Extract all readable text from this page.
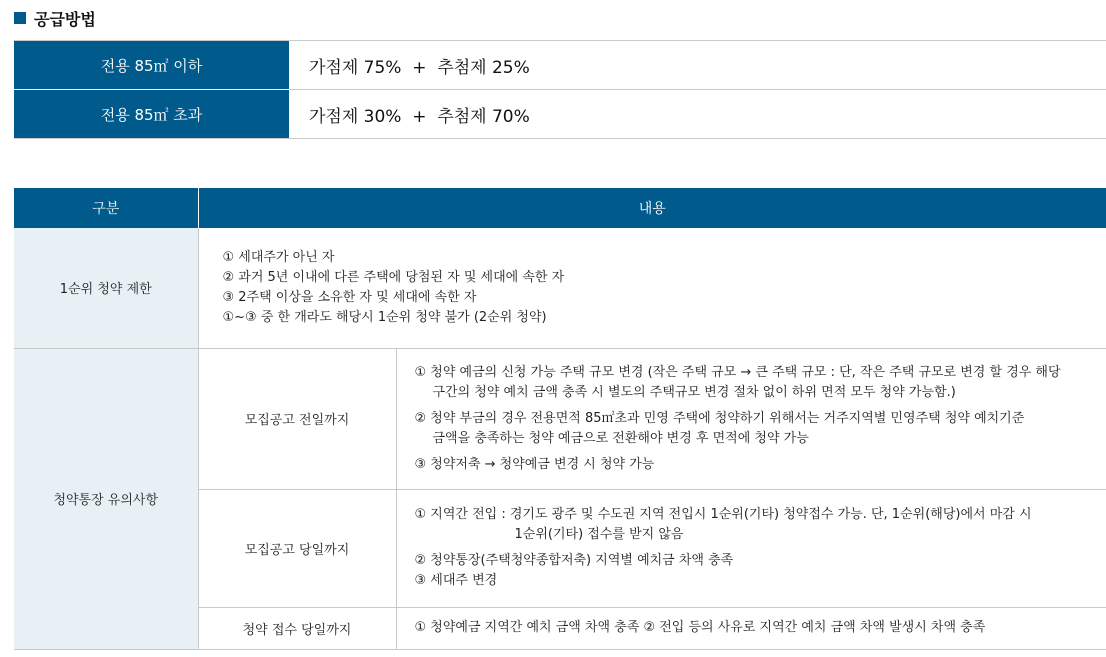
공급방법
전용 85㎡ 이하	가점제 75%  +  추첨제 25%
전용 85㎡ 초과	가점제 30%  +  추첨제 70%
구분	내용	
1순위 청약 제한	① 세대주가 아닌 자
② 과거 5년 이내에 다른 주택에 당첨된 자 및 세대에 속한 자
③ 2주택 이상을 소유한 자 및 세대에 속한 자
①~③ 중 한 개라도 해당시 1순위 청약 불가 (2순위 청약)	

청약통장 유의사항	모집공고 전일까지	① 청약 예금의 신청 가능 주택 규모 변경 (작은 주택 규모 → 큰 주택 규모 : 단, 작은 주택 규모로 변경 할 경우 해당
구간의 청약 예치 금액 충족 시 별도의 주택규모 변경 절차 없이 하위 면적 모두 청약 가능함.)
② 청약 부금의 경우 전용면적 85㎡초과 민영 주택에 청약하기 위해서는 거주지역별 민영주택 청약 예치기준
금액을 충족하는 청약 예금으로 전환해야 변경 후 면적에 청약 가능
③ 청약저축 → 청약예금 변경 시 청약 가능

	모집공고 당일까지	① 지역간 전입 : 경기도 광주 및 수도권 지역 전입시 1순위(기타) 청약접수 가능. 단, 1순위(해당)에서 마감 시
1순위(기타) 접수를 받지 않음
② 청약통장(주택청약종합저축) 지역별 예치금 차액 충족
③ 세대주 변경

	청약 접수 당일까지	① 청약예금 지역간 예치 금액 차액 충족 ② 전입 등의 사유로 지역간 예치 금액 차액 발생시 차액 충족
